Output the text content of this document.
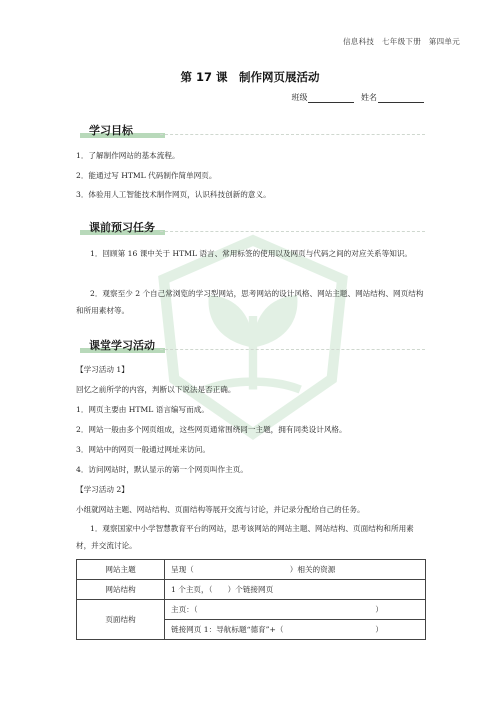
信息科技　七年级下册　第四单元
第 17 课　制作网页展活动
班级	姓名
学习目标
1．了解制作网站的基本流程。
2．能通过写 HTML 代码制作简单网页。
3．体验用人工智能技术制作网页，认识科技创新的意义。
课前预习任务
1．回顾第 16 课中关于 HTML 语言、常用标签的使用以及网页与代码之间的对应关系等知识。
2．观察至少 2 个自己常浏览的学习型网站，思考网站的设计风格、网站主题、网站结构、网页结构和所用素材等。
课堂学习活动
【学习活动 1】
回忆之前所学的内容，判断以下说法是否正确。
1．网页主要由 HTML 语言编写而成。
2．网站一般由多个网页组成，这些网页通常围绕同一主题，拥有同类设计风格。
3．网站中的网页一般通过网址来访问。
4．访问网站时，默认显示的第一个网页叫作主页。
【学习活动 2】
小组就网站主题、网站结构、页面结构等展开交流与讨论，并记录分配给自己的任务。
1．观察国家中小学智慧教育平台的网站，思考该网站的网站主题、网站结构、页面结构和所用素材，并交流讨论。
网站主题	呈现（ ）相关的资源
网站结构	1 个主页，（　　）个链接网页
页面结构	主页：（ ）

	链接网页 1：导航标题“德育”+（ ）
